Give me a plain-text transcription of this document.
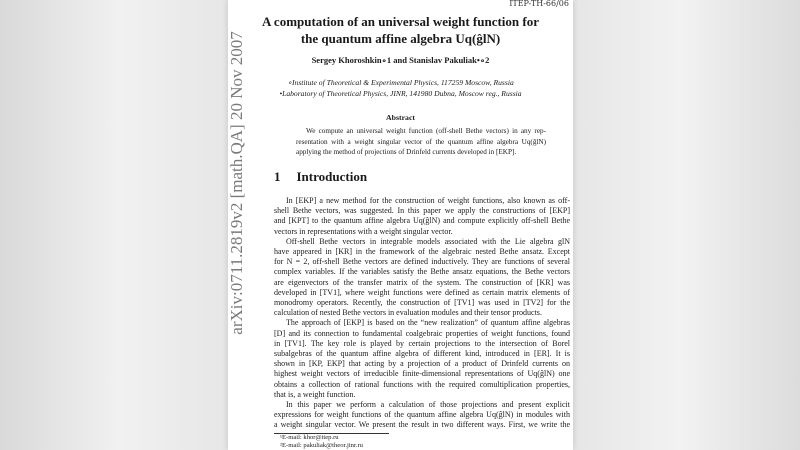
arXiv:0711.2819v2 [math.QA] 20 Nov 2007
ITEP-TH-66/06
A computation of an universal weight function for
the quantum affine algebra Uq(ĝlN)
Sergey Khoroshkin∘1 and Stanislav Pakuliak•∘2
∘Institute of Theoretical & Experimental Physics, 117259 Moscow, Russia
•Laboratory of Theoretical Physics, JINR, 141980 Dubna, Moscow reg., Russia
Abstract
We compute an universal weight function (off-shell Bethe vectors) in any rep-
resentation with a weight singular vector of the quantum affine algebra Uq(ĝlN)
applying the method of projections of Drinfeld currents developed in [EKP].
1 Introduction
In [EKP] a new method for the construction of weight functions, also known as off-
shell Bethe vectors, was suggested. In this paper we apply the constructions of [EKP]
and [KPT] to the quantum affine algebra Uq(ĝlN) and compute explicitly off-shell Bethe
vectors in representations with a weight singular vector.
Off-shell Bethe vectors in integrable models associated with the Lie algebra glN
have appeared in [KR] in the framework of the algebraic nested Bethe ansatz. Except
for N = 2, off-shell Bethe vectors are defined inductively. They are functions of several
complex variables. If the variables satisfy the Bethe ansatz equations, the Bethe vectors
are eigenvectors of the transfer matrix of the system. The construction of [KR] was
developed in [TV1], where weight functions were defined as certain matrix elements of
monodromy operators. Recently, the construction of [TV1] was used in [TV2] for the
calculation of nested Bethe vectors in evaluation modules and their tensor products.
The approach of [EKP] is based on the “new realization” of quantum affine algebras
[D] and its connection to fundamental coalgebraic properties of weight functions, found
in [TV1]. The key role is played by certain projections to the intersection of Borel
subalgebras of the quantum affine algebra of different kind, introduced in [ER]. It is
shown in [KP, EKP] that acting by a projection of a product of Drinfeld currents on
highest weight vectors of irreducible finite-dimensional representations of Uq(ĝlN) one
obtains a collection of rational functions with the required comultiplication properties,
that is, a weight function.
In this paper we perform a calculation of those projections and present explicit
expressions for weight functions of the quantum affine algebra Uq(ĝlN) in modules with
a weight singular vector. We present the result in two different ways. First, we write the
¹E-mail: khor@itep.ru
²E-mail: pakuliak@theor.jinr.ru
